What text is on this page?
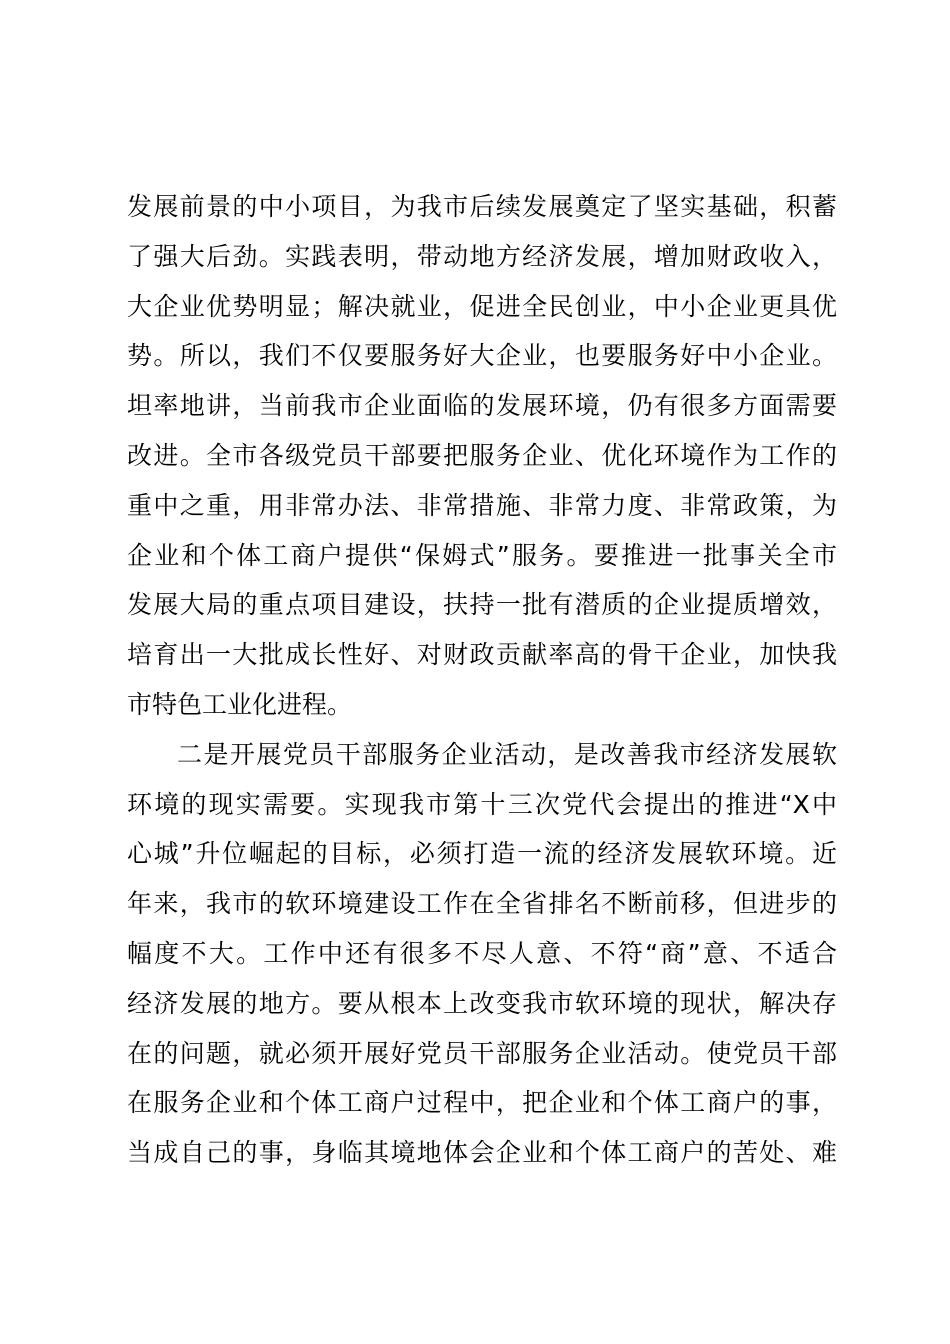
发展前景的中小项目，为我市后续发展奠定了坚实基础，积蓄
了强大后劲。实践表明，带动地方经济发展，增加财政收入，
大企业优势明显；解决就业，促进全民创业，中小企业更具优
势。所以，我们不仅要服务好大企业，也要服务好中小企业。
坦率地讲，当前我市企业面临的发展环境，仍有很多方面需要
改进。全市各级党员干部要把服务企业、优化环境作为工作的
重中之重，用非常办法、非常措施、非常力度、非常政策，为
企业和个体工商户提供“保姆式”服务。要推进一批事关全市
发展大局的重点项目建设，扶持一批有潜质的企业提质增效，
培育出一大批成长性好、对财政贡献率高的骨干企业，加快我
市特色工业化进程。
二是开展党员干部服务企业活动，是改善我市经济发展软
环境的现实需要。实现我市第十三次党代会提出的推进“X中
心城”升位崛起的目标，必须打造一流的经济发展软环境。近
年来，我市的软环境建设工作在全省排名不断前移，但进步的
幅度不大。工作中还有很多不尽人意、不符“商”意、不适合
经济发展的地方。要从根本上改变我市软环境的现状，解决存
在的问题，就必须开展好党员干部服务企业活动。使党员干部
在服务企业和个体工商户过程中，把企业和个体工商户的事，
当成自己的事，身临其境地体会企业和个体工商户的苦处、难
